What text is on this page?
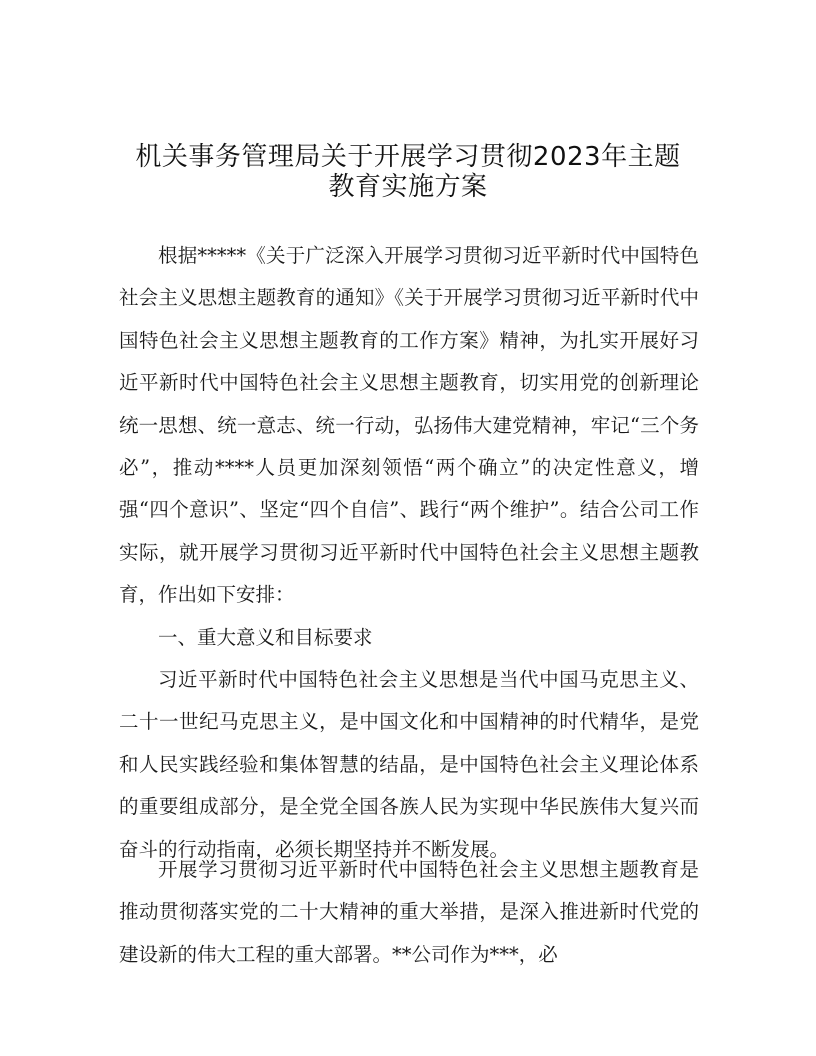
机关事务管理局关于开展学习贯彻2023年主题
教育实施方案

根据*****《关于广泛深入开展学习贯彻习近平新时代中国特色社会主义思想主题教育的通知》《关于开展学习贯彻习近平新时代中国特色社会主义思想主题教育的工作方案》精神，为扎实开展好习近平新时代中国特色社会主义思想主题教育，切实用党的创新理论统一思想、统一意志、统一行动，弘扬伟大建党精神，牢记“三个务必”，推动****人员更加深刻领悟“两个确立”的决定性意义，增强“四个意识”、坚定“四个自信”、践行“两个维护”。结合公司工作实际，就开展学习贯彻习近平新时代中国特色社会主义思想主题教育，作出如下安排：

一、重大意义和目标要求

习近平新时代中国特色社会主义思想是当代中国马克思主义、二十一世纪马克思主义，是中国文化和中国精神的时代精华，是党和人民实践经验和集体智慧的结晶，是中国特色社会主义理论体系的重要组成部分，是全党全国各族人民为实现中华民族伟大复兴而奋斗的行动指南，必须长期坚持并不断发展。

开展学习贯彻习近平新时代中国特色社会主义思想主题教育是推动贯彻落实党的二十大精神的重大举措，是深入推进新时代党的建设新的伟大工程的重大部署。**公司作为***，必
